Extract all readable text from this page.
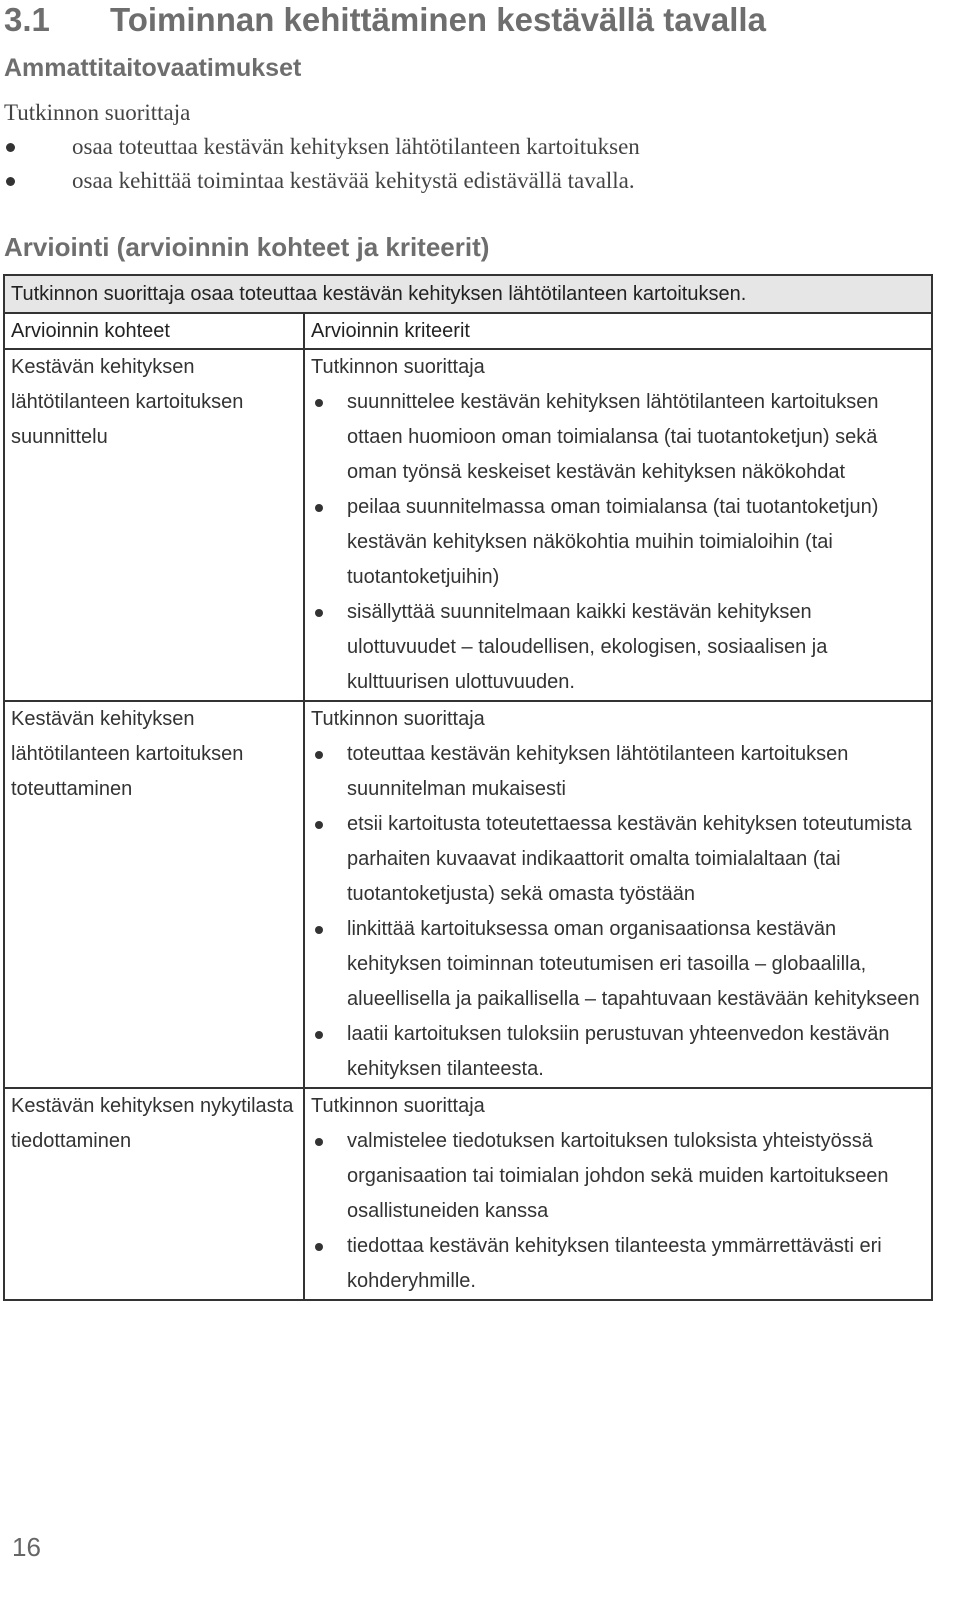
3.1 Toiminnan kehittäminen kestävällä tavalla
Ammattitaitovaatimukset
Tutkinnon suorittaja
osaa toteuttaa kestävän kehityksen lähtötilanteen kartoituksen
osaa kehittää toimintaa kestävää kehitystä edistävällä tavalla.
Arviointi (arvioinnin kohteet ja kriteerit)
Tutkinnon suorittaja osaa toteuttaa kestävän kehityksen lähtötilanteen kartoituksen.
Arvioinnin kohteet	Arvioinnin kriteerit
Kestävän kehityksen lähtötilanteen kartoituksen suunnittelu
Tutkinnon suorittaja
suunnittelee kestävän kehityksen lähtötilanteen kartoituksen ottaen huomioon oman toimialansa (tai tuotantoketjun) sekä oman työnsä keskeiset kestävän kehityksen näkökohdat
peilaa suunnitelmassa oman toimialansa (tai tuotantoketjun) kestävän kehityksen näkökohtia muihin toimialoihin (tai tuotantoketjuihin)
sisällyttää suunnitelmaan kaikki kestävän kehityksen ulottuvuudet – taloudellisen, ekologisen, sosiaalisen ja kulttuurisen ulottuvuuden.
Kestävän kehityksen lähtötilanteen kartoituksen toteuttaminen
Tutkinnon suorittaja
toteuttaa kestävän kehityksen lähtötilanteen kartoituksen suunnitelman mukaisesti
etsii kartoitusta toteutettaessa kestävän kehityksen toteutumista parhaiten kuvaavat indikaattorit omalta toimialaltaan (tai tuotantoketjusta) sekä omasta työstään
linkittää kartoituksessa oman organisaationsa kestävän kehityksen toiminnan toteutumisen eri tasoilla – globaalilla, alueellisella ja paikallisella – tapahtuvaan kestävään kehitykseen
laatii kartoituksen tuloksiin perustuvan yhteenvedon kestävän kehityksen tilanteesta.
Kestävän kehityksen nykytilasta tiedottaminen
Tutkinnon suorittaja
valmistelee tiedotuksen kartoituksen tuloksista yhteistyössä organisaation tai toimialan johdon sekä muiden kartoitukseen osallistuneiden kanssa
tiedottaa kestävän kehityksen tilanteesta ymmärrettävästi eri kohderyhmille.
16
